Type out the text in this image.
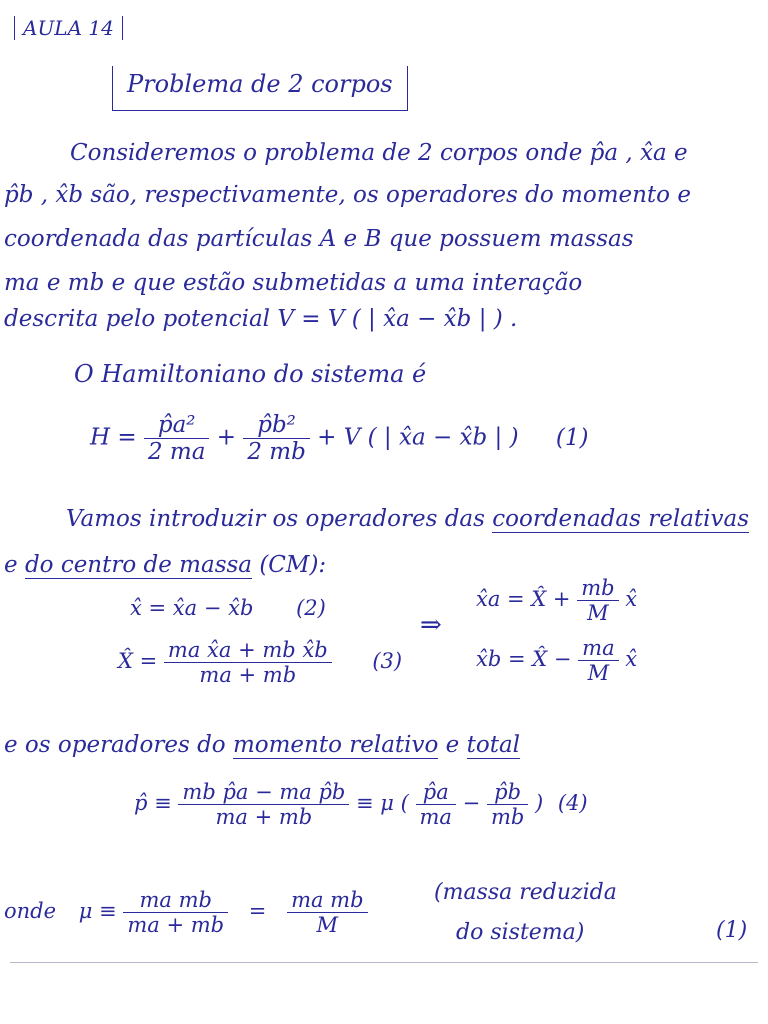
AULA 14
Problema de 2 corpos
Consideremos o problema de 2 corpos onde p̂a , x̂a e
p̂b , x̂b são, respectivamente, os operadores do momento e
coordenada das partículas A e B que possuem massas
ma e mb e que estão submetidas a uma interação
descrita pelo potencial V = V ( | x̂a − x̂b | ) .
O Hamiltoniano do sistema é
$H = \frac{\text{p̂a²}}{2 ma} + \frac{\text{p̂b²}}{2 mb} + V$ ( | x̂a − x̂b | ) (1)
Vamos introduzir os operadores das coordenadas relativas
e do centro de massa (CM):
x̂ = x̂a − x̂b (2)
X̂ = $\frac{\text{ma x̂a + mb x̂b}}{ma + mb} (3)$
⇒
x̂a = X̂ + $\frac{mb}{M}$ x̂
x̂b = X̂ − $\frac{ma}{M}$ x̂
e os operadores do momento relativo e total
p̂ ≡ $\frac{\text{mb p̂a − ma p̂b}}{ma + mb} \equiv \mu$ ( $\frac{p̂a}{ma} - \frac{p̂b}{mb}$ ) (4)
onde $\mu \equiv \frac{\text{ma mb}}{ma + mb} = \frac{\text{ma mb}}{M}$	(massa reduzida
do sistema)	(1)
